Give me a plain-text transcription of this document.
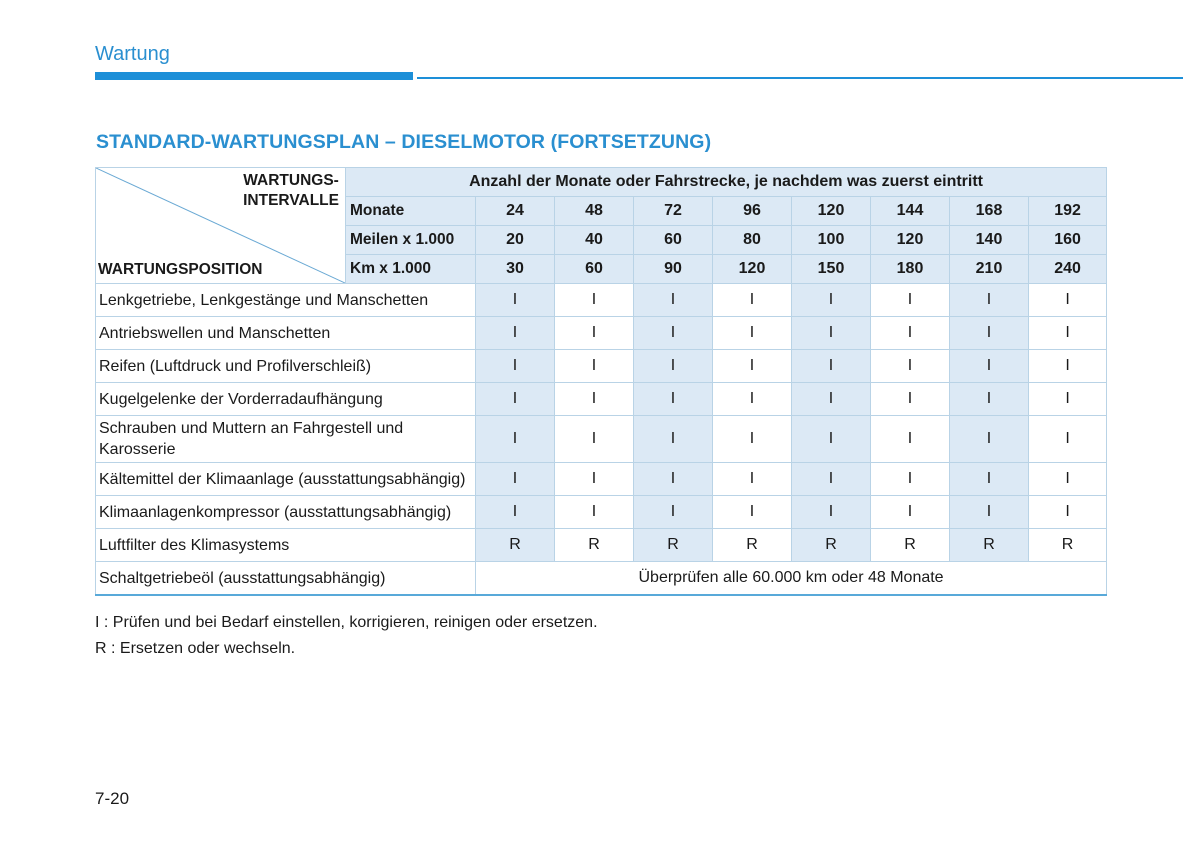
Wartung
STANDARD-WARTUNGSPLAN – DIESELMOTOR (FORTSETZUNG)
WARTUNGS-
INTERVALLE
WARTUNGSPOSITION	Anzahl der Monate oder Fahrstrecke, je nachdem was zuerst eintritt								
	Monate	24	48	72	96	120	144	168	192
	Meilen x 1.000	20	40	60	80	100	120	140	160
	Km x 1.000	30	60	90	120	150	180	210	240
Lenkgetriebe, Lenkgestänge und Manschetten		I	I	I	I	I	I	I	I
Antriebswellen und Manschetten		I	I	I	I	I	I	I	I
Reifen (Luftdruck und Profilverschleiß)		I	I	I	I	I	I	I	I
Kugelgelenke der Vorderradaufhängung		I	I	I	I	I	I	I	I
Schrauben und Muttern an Fahrgestell und Karosserie		I	I	I	I	I	I	I	I
Kältemittel der Klimaanlage (ausstattungsabhängig)		I	I	I	I	I	I	I	I
Klimaanlagenkompressor (ausstattungsabhängig)		I	I	I	I	I	I	I	I
Luftfilter des Klimasystems		R	R	R	R	R	R	R	R
Schaltgetriebeöl (ausstattungsabhängig)		Überprüfen alle 60.000 km oder 48 Monate							
I : Prüfen und bei Bedarf einstellen, korrigieren, reinigen oder ersetzen.
R : Ersetzen oder wechseln.
7-20
